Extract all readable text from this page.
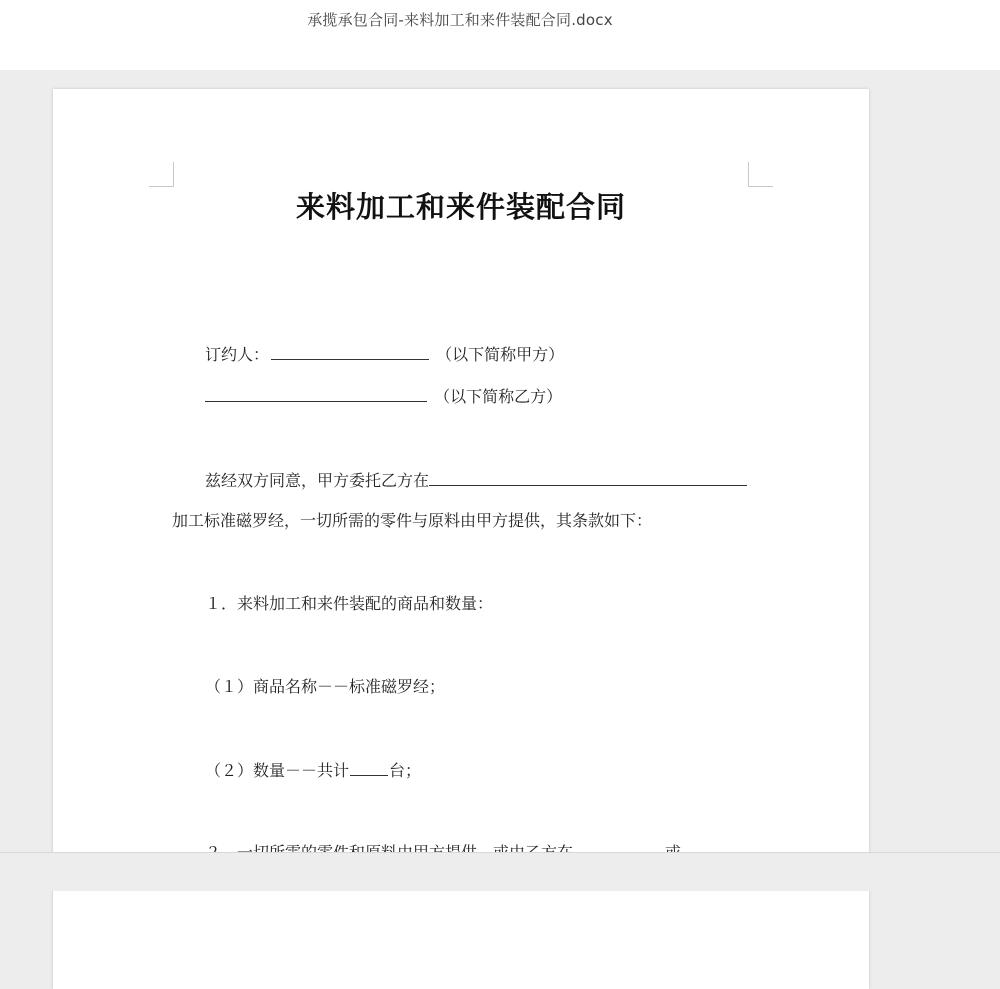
承揽承包合同-来料加工和来件装配合同.docx
来料加工和来件装配合同
订约人：	（以下简称甲方）
（以下简称乙方）
兹经双方同意，甲方委托乙方在
加工标准磁罗经，一切所需的零件与原料由甲方提供，其条款如下：
１．来料加工和来件装配的商品和数量：
（１）商品名称－－标准磁罗经；
（２）数量－－共计	台；
